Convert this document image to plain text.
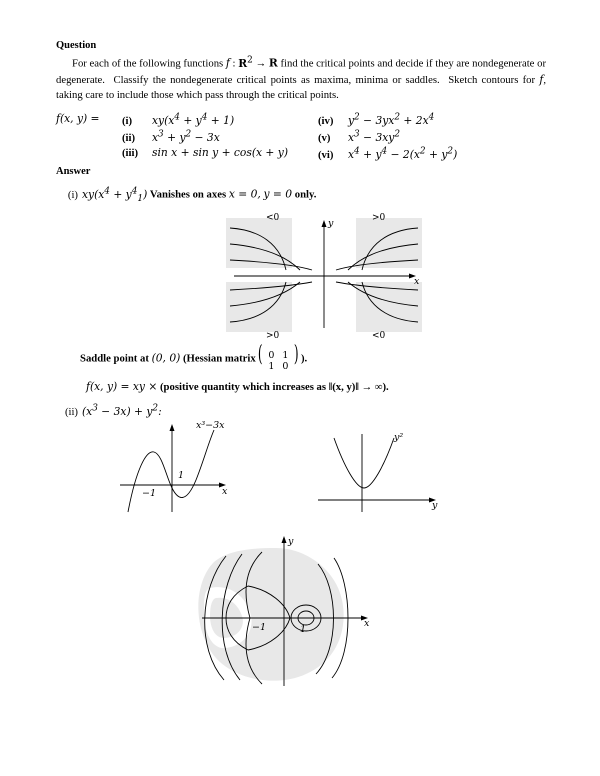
Question

For each of the following functions f : $R^2 \to R$ find the critical points and decide if they are nondegenerate or degenerate.  Classify the nondegenerate critical points as maxima, minima or saddles.  Sketch contours for f, taking care to include those which pass through the critical points.

f(x, y) = (i) $xy(x^4 + y^4 + 1)$	(iv) $y^2 - 3yx^2 + 2x^4$
(ii) $x^3 + y^2 - 3x$	(v) $x^3 - 3xy^2$
(iii) sin x + sin y + cos(x + y)	(vi) $x^4 + y^4 - 2(x^2 + y^2)$
Answer
(i) $xy(x^4 + y^4_1)$ Vanishes on axes x = 0, y = 0 only.
<0	>0
>0	<0
y
x
Saddle point at (0, 0) (Hessian matrix( 0 1
1 0 ) ).
f(x, y) = xy × (positive quantity which increases as ‖(x, y)‖ → ∞).
(ii) $(x^3 - 3x) + y^2$:
x³−3x
x
−1
1
y²
y
y
x
−1	1
